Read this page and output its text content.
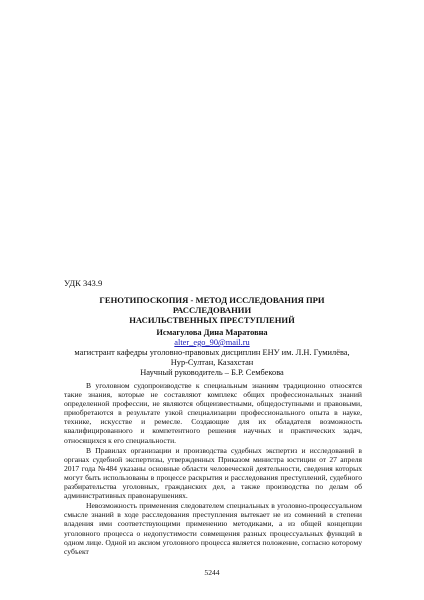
УДК 343.9
ГЕНОТИПОСКОПИЯ - МЕТОД ИССЛЕДОВАНИЯ ПРИ РАССЛЕДОВАНИИ
НАСИЛЬСТВЕННЫХ ПРЕСТУПЛЕНИЙ
Исмагулова Дина Маратовна
alter_ego_90@mail.ru
магистрант кафедры уголовно-правовых дисциплин ЕНУ им. Л.Н. Гумилёва,
Нур-Султан, Казахстан
Научный руководитель – Б.Р. Сембекова

В уголовном судопроизводстве к специальным знаниям традиционно относятся такие знания, которые не составляют комплекс общих профессиональных знаний определенной профессии, не являются общеизвестными, общедоступными и правовыми, приобретаются в результате узкой специализации профессионального опыта в науке, технике, искусстве и ремесле. Создающие для их обладателя возможность квалифицированного и компетентного решения научных и практических задач, относящихся к его специальности.

В Правилах организации и производства судебных экспертиз и исследований в органах судебной экспертизы, утвержденных Приказом министра юстиции от 27 апреля 2017 года №484 указаны основные области человеческой деятельности, сведения которых могут быть использованы в процессе раскрытия и расследования преступлений, судебного разбирательства уголовных, гражданских дел, а также производства по делам об административных правонарушениях.

Невозможность применения следователем специальных в уголовно-процессуальном смысле знаний в ходе расследования преступления вытекает не из сомнений в степени владения ими соответствующими применению методиками, а из общей концепции уголовного процесса о недопустимости совмещения разных процессуальных функций в одном лице. Одной из аксиом уголовного процесса является положение, согласно которому субъект

5244
